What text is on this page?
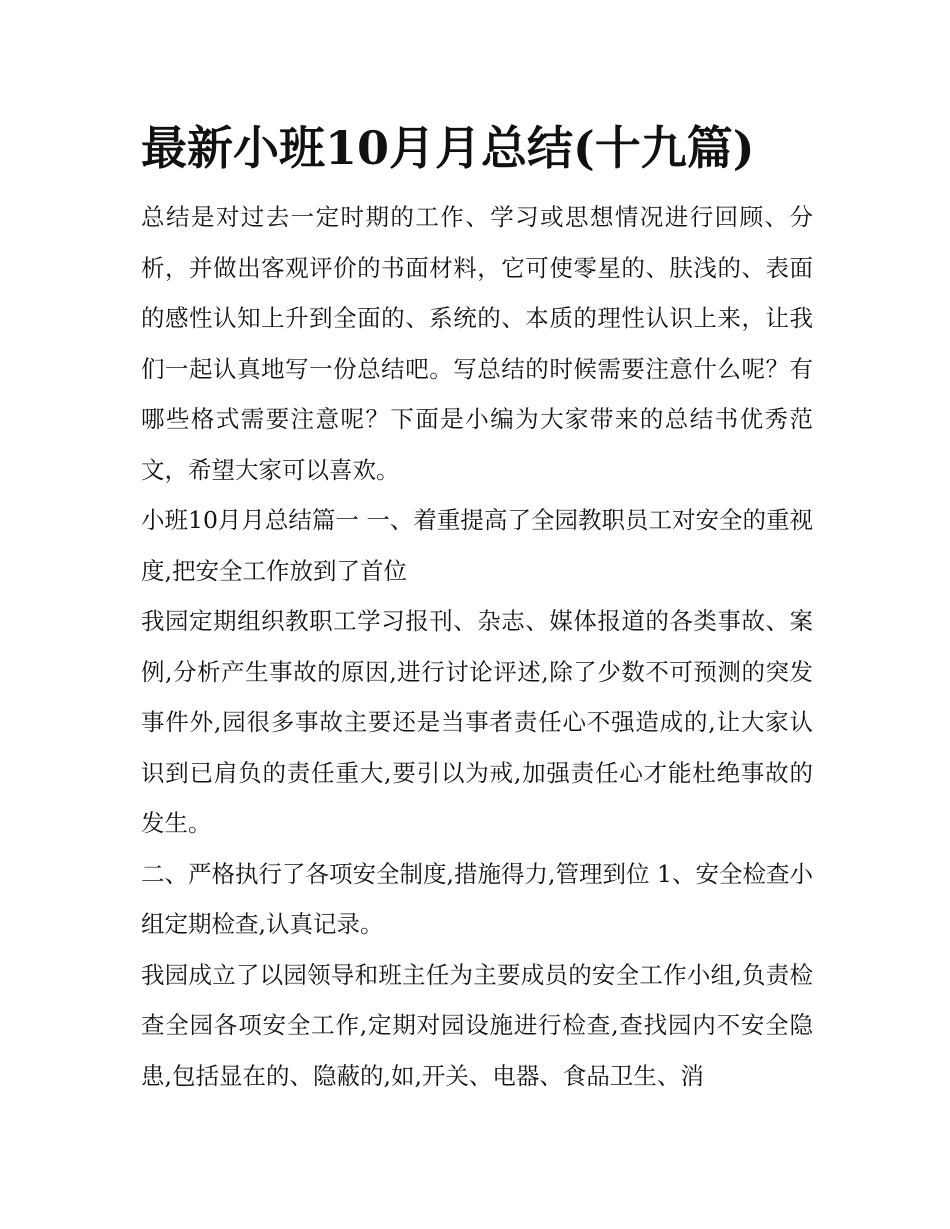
最新小班10月月总结(十九篇)

总结是对过去一定时期的工作、学习或思想情况进行回顾、分析，并做出客观评价的书面材料，它可使零星的、肤浅的、表面的感性认知上升到全面的、系统的、本质的理性认识上来，让我们一起认真地写一份总结吧。写总结的时候需要注意什么呢？有哪些格式需要注意呢？下面是小编为大家带来的总结书优秀范文，希望大家可以喜欢。

小班10月月总结篇一 一、着重提高了全园教职员工对安全的重视度,把安全工作放到了首位

我园定期组织教职工学习报刊、杂志、媒体报道的各类事故、案例,分析产生事故的原因,进行讨论评述,除了少数不可预测的突发事件外,园很多事故主要还是当事者责任心不强造成的,让大家认识到已肩负的责任重大,要引以为戒,加强责任心才能杜绝事故的发生。

二、严格执行了各项安全制度,措施得力,管理到位 1、安全检查小组定期检查,认真记录。

我园成立了以园领导和班主任为主要成员的安全工作小组,负责检查全园各项安全工作,定期对园设施进行检查,查找园内不安全隐患,包括显在的、隐蔽的,如,开关、电器、食品卫生、消
